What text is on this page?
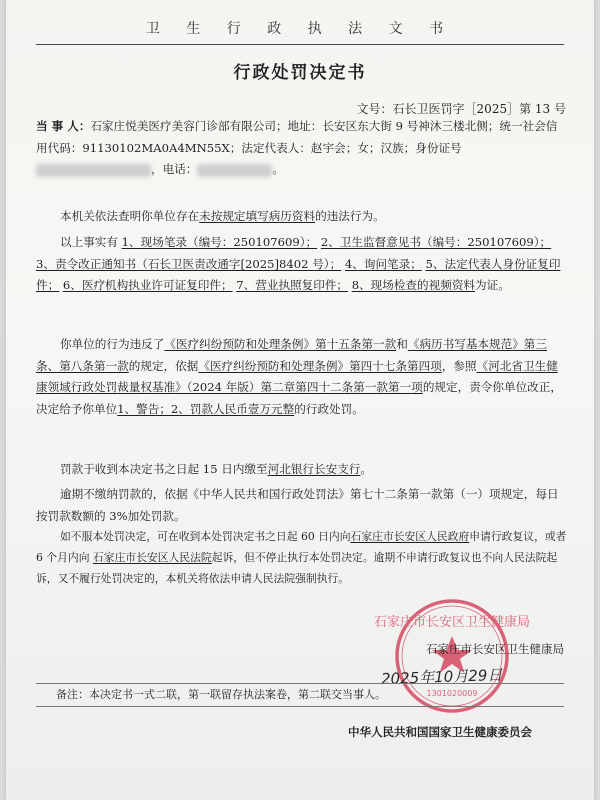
卫 生 行 政 执 法 文 书
行政处罚决定书
文号：石长卫医罚字［2025］第 13 号
当 事 人：石家庄悦美医疗美容门诊部有限公司；地址：长安区东大街 9 号神沐三楼北侧；统一社会信用代码：91130102MA0A4MN55X；法定代表人：赵宇会；女；汉族；身份证号，电话：	。
本机关依法查明你单位存在未按规定填写病历资料的违法行为。
以上事实有 1、现场笔录（编号：250107609）； 2、卫生监督意见书（编号：250107609）； 3、责令改正通知书（石长卫医责改通字[2025]8402 号）； 4、询问笔录； 5、法定代表人身份证复印件； 6、医疗机构执业许可证复印件； 7、营业执照复印件； 8、现场检查的视频资料为证。
你单位的行为违反了《医疗纠纷预防和处理条例》第十五条第一款和《病历书写基本规范》第三条、第八条第一款的规定，依据《医疗纠纷预防和处理条例》第四十七条第四项，参照《河北省卫生健康领域行政处罚裁量权基准》（2024 年版）第二章第四十二条第一款第一项的规定，责令你单位改正，决定给予你单位1、警告；2、罚款人民币壹万元整的行政处罚。
罚款于收到本决定书之日起 15 日内缴至河北银行长安支行。
逾期不缴纳罚款的，依据《中华人民共和国行政处罚法》第七十二条第一款第（一）项规定，每日按罚款数额的 3%加处罚款。
如不服本处罚决定，可在收到本处罚决定书之日起 60 日内向石家庄市长安区人民政府申请行政复议，或者 6 个月内向 石家庄市长安区人民法院起诉，但不停止执行本处罚决定。逾期不申请行政复议也不向人民法院起诉，又不履行处罚决定的，本机关将依法申请人民法院强制执行。
石家庄市长安区卫生健康局
1301020009
石家庄市长安区卫生健康局
2025年10月29日
备注：本决定书一式二联，第一联留存执法案卷，第二联交当事人。
中华人民共和国国家卫生健康委员会
